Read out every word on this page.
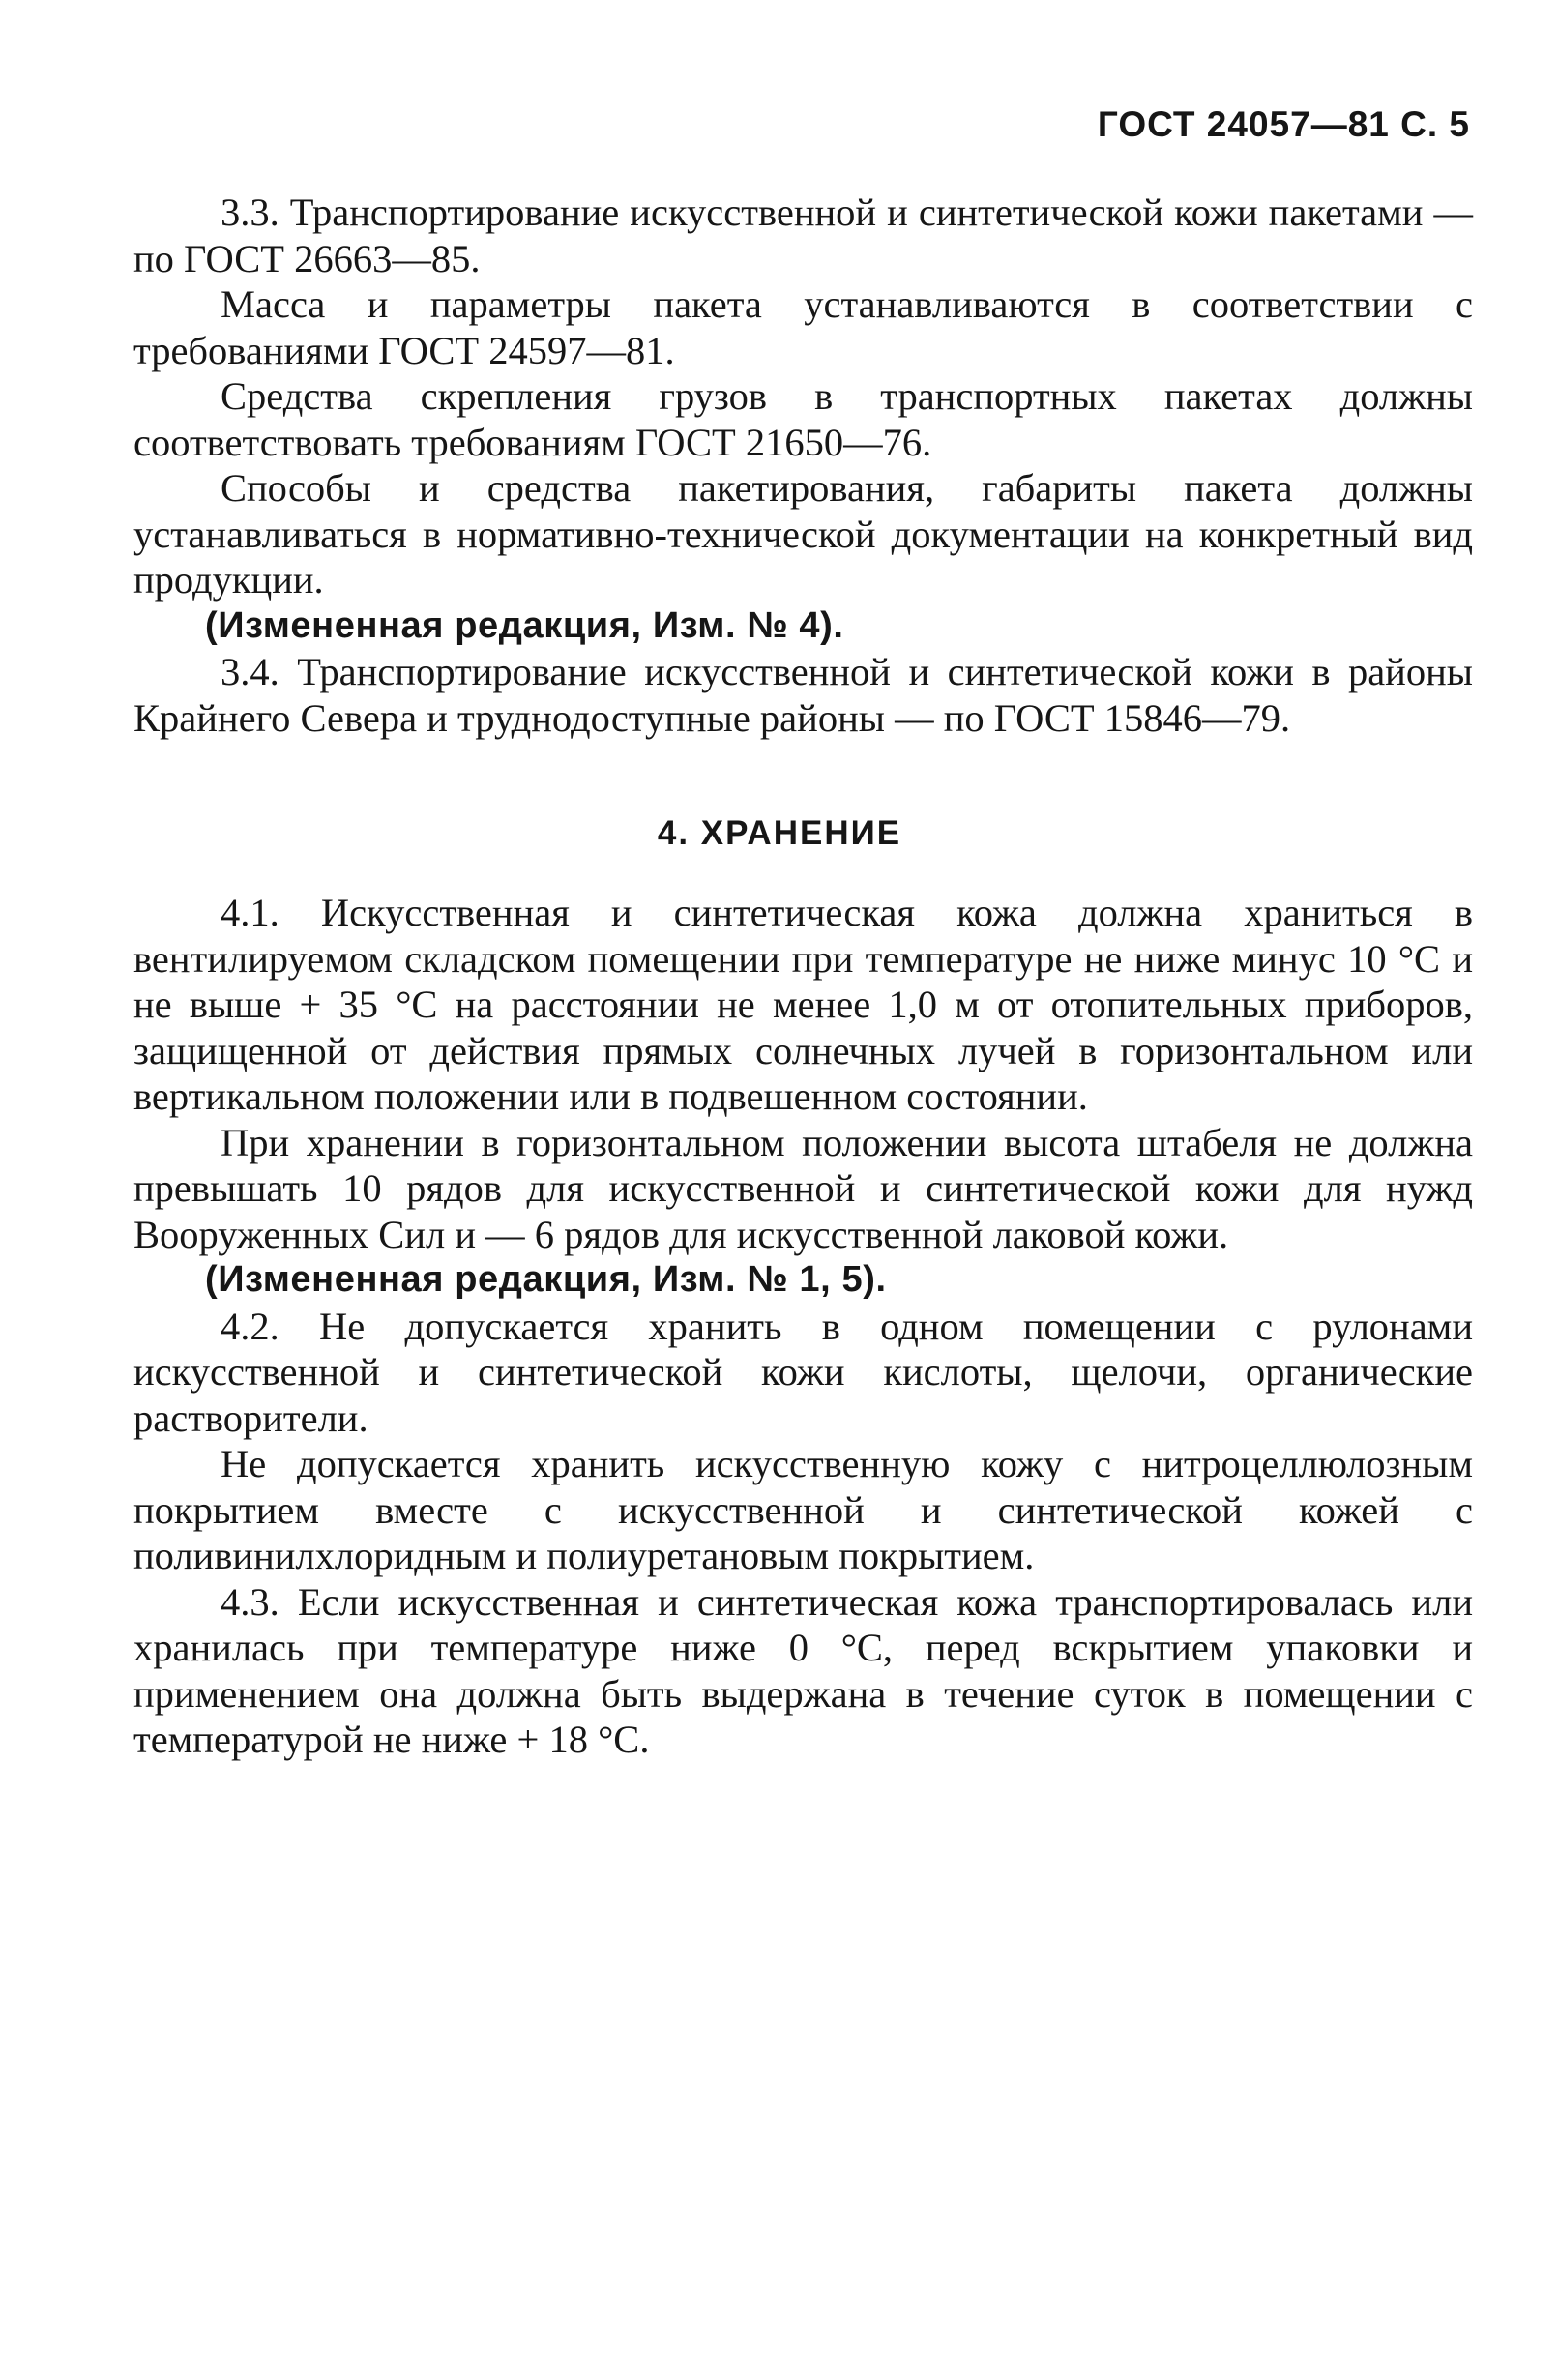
ГОСТ 24057—81 С. 5

3.3. Транспортирование искусственной и синтетической кожи пакетами — по ГОСТ 26663—85.

Масса и параметры пакета устанавливаются в соответствии с требованиями ГОСТ 24597—81.

Средства скрепления грузов в транспортных пакетах должны соответствовать требованиям ГОСТ 21650—76.

Способы и средства пакетирования, габариты пакета должны устанавливаться в нормативно-технической документации на конкретный вид продукции.

(Измененная редакция, Изм. № 4).

3.4. Транспортирование искусственной и синтетической кожи в районы Крайнего Севера и труднодоступные районы — по ГОСТ 15846—79.

4. ХРАНЕНИЕ

4.1. Искусственная и синтетическая кожа должна храниться в вентилируемом складском помещении при температуре не ниже минус 10 °С и не выше + 35 °С на расстоянии не менее 1,0 м от отопительных приборов, защищенной от действия прямых солнечных лучей в горизонтальном или вертикальном положении или в подвешенном состоянии.

При хранении в горизонтальном положении высота штабеля не должна превышать 10 рядов для искусственной и синтетической кожи для нужд Вооруженных Сил и — 6 рядов для искусственной лаковой кожи.

(Измененная редакция, Изм. № 1, 5).

4.2. Не допускается хранить в одном помещении с рулонами искусственной и синтетической кожи кислоты, щелочи, органические растворители.

Не допускается хранить искусственную кожу с нитроцеллюлозным покрытием вместе с искусственной и синтетической кожей с поливинилхлоридным и полиуретановым покрытием.

4.3. Если искусственная и синтетическая кожа транспортировалась или хранилась при температуре ниже 0 °С, перед вскрытием упаковки и применением она должна быть выдержана в течение суток в помещении с температурой не ниже + 18 °С.
